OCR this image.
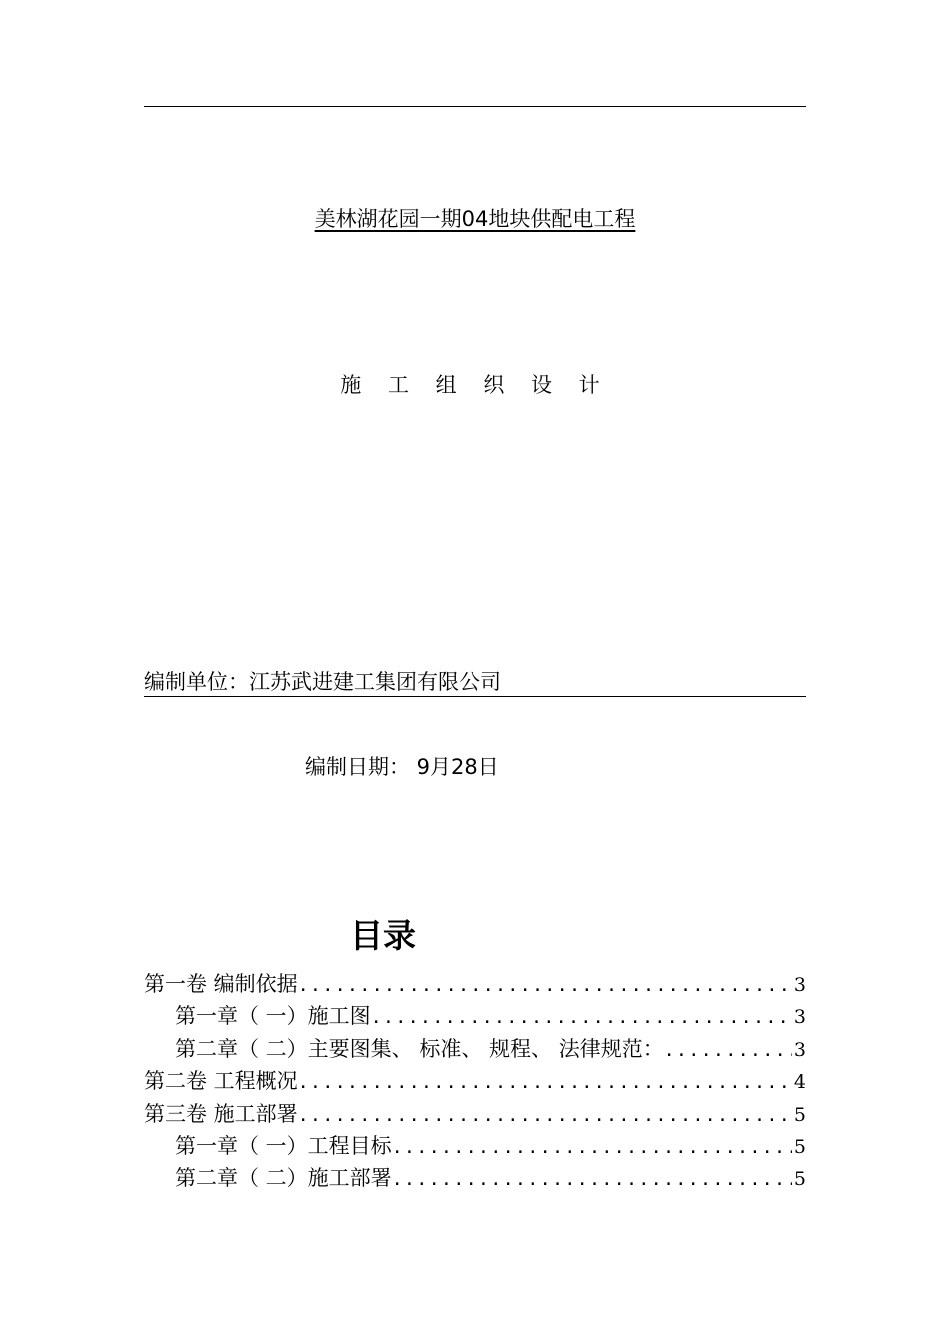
美林湖花园一期04地块供配电工程
施 工 组 织 设 计
编制单位：江苏武进建工集团有限公司
编制日期： 9月28日
目录
第一卷 编制依据 .....	3
第一章（ 一）施工图 .....	3
第二章（ 二）主要图集、 标准、 规程、 法律规范： .....	3
第二卷 工程概况 .....	4
第三卷 施工部署 .....	5
第一章（ 一）工程目标 .....	5
第二章（ 二）施工部署 .....	5
